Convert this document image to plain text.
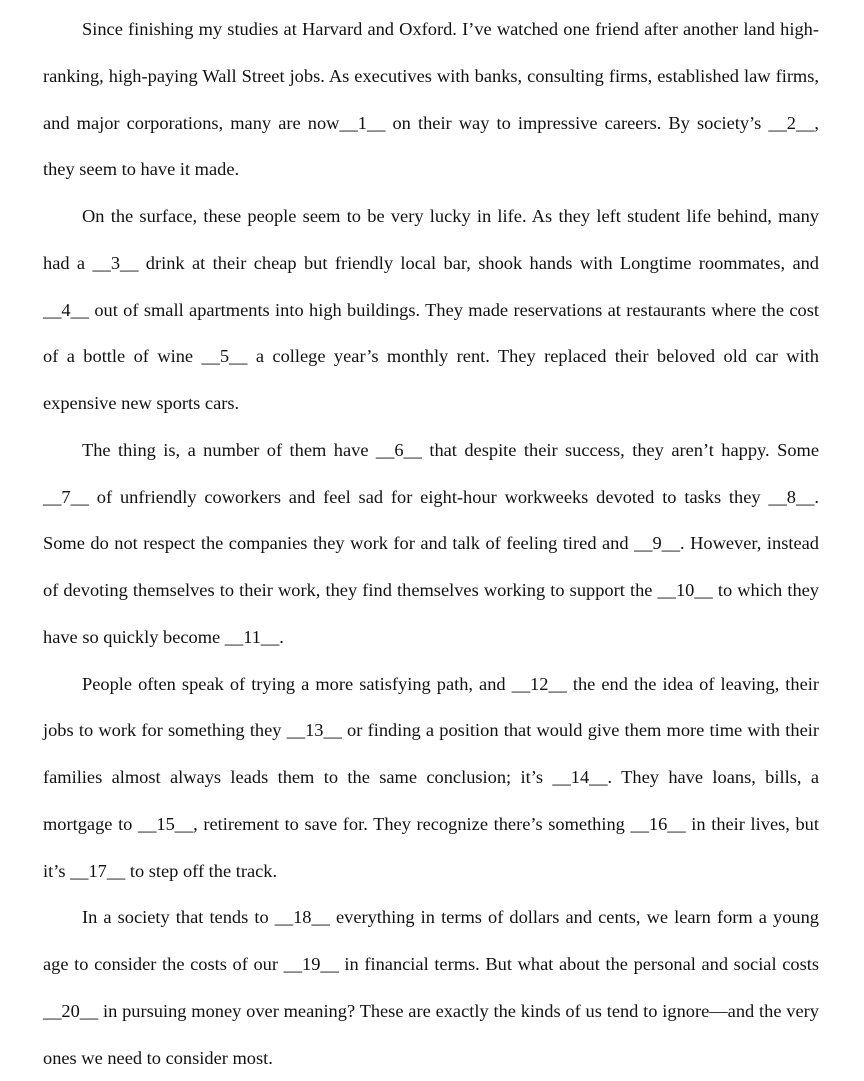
Since finishing my studies at Harvard and Oxford. I’ve watched one friend after another land high-ranking, high-paying Wall Street jobs. As executives with banks, consulting firms, established law firms, and major corporations, many are now__1__ on their way to impressive careers. By society’s __2__, they seem to have it made.

On the surface, these people seem to be very lucky in life. As they left student life behind, many had a __3__ drink at their cheap but friendly local bar, shook hands with Longtime roommates, and __4__ out of small apartments into high buildings. They made reservations at restaurants where the cost of a bottle of wine __5__ a college year’s monthly rent. They replaced their beloved old car with expensive new sports cars.

The thing is, a number of them have __6__ that despite their success, they aren’t happy. Some __7__ of unfriendly coworkers and feel sad for eight-hour workweeks devoted to tasks they __8__. Some do not respect the companies they work for and talk of feeling tired and __9__. However, instead of devoting themselves to their work, they find themselves working to support the __10__ to which they have so quickly become __11__.

People often speak of trying a more satisfying path, and __12__ the end the idea of leaving, their jobs to work for something they __13__ or finding a position that would give them more time with their families almost always leads them to the same conclusion; it’s __14__. They have loans, bills, a mortgage to __15__, retirement to save for. They recognize there’s something __16__ in their lives, but it’s __17__ to step off the track.

In a society that tends to __18__ everything in terms of dollars and cents, we learn form a young age to consider the costs of our __19__ in financial terms. But what about the personal and social costs __20__ in pursuing money over meaning? These are exactly the kinds of us tend to ignore—and the very ones we need to consider most.
